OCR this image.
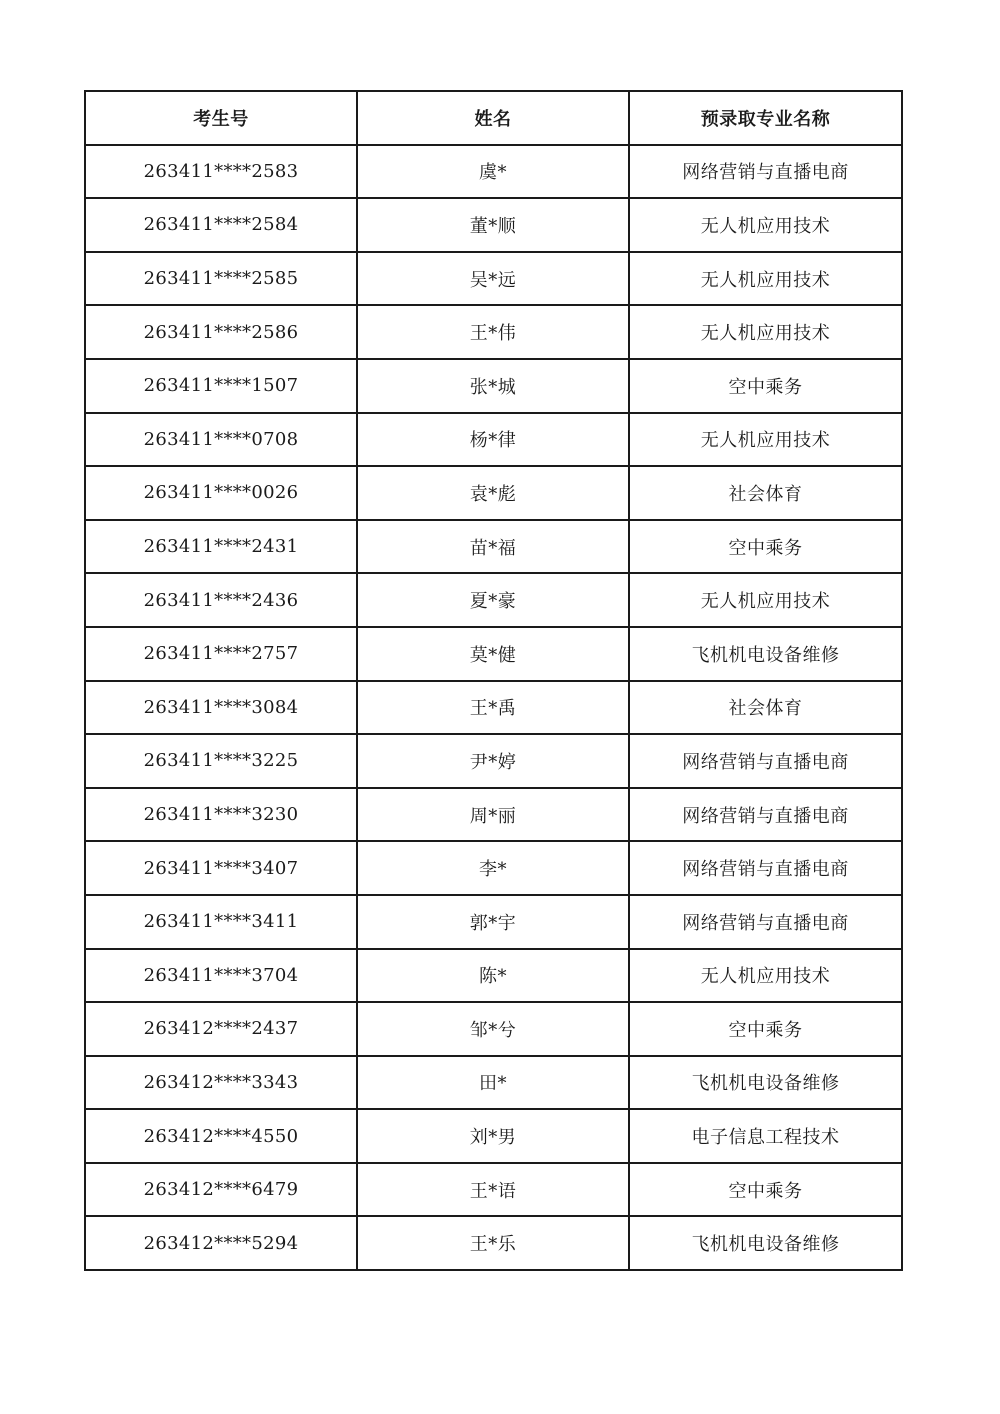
考生号	姓名	预录取专业名称
263411****2583	虞*	网络营销与直播电商
263411****2584	董*顺	无人机应用技术
263411****2585	吴*远	无人机应用技术
263411****2586	王*伟	无人机应用技术
263411****1507	张*城	空中乘务
263411****0708	杨*律	无人机应用技术
263411****0026	袁*彪	社会体育
263411****2431	苗*福	空中乘务
263411****2436	夏*豪	无人机应用技术
263411****2757	莫*健	飞机机电设备维修
263411****3084	王*禹	社会体育
263411****3225	尹*婷	网络营销与直播电商
263411****3230	周*丽	网络营销与直播电商
263411****3407	李*	网络营销与直播电商
263411****3411	郭*宇	网络营销与直播电商
263411****3704	陈*	无人机应用技术
263412****2437	邹*兮	空中乘务
263412****3343	田*	飞机机电设备维修
263412****4550	刘*男	电子信息工程技术
263412****6479	王*语	空中乘务
263412****5294	王*乐	飞机机电设备维修
